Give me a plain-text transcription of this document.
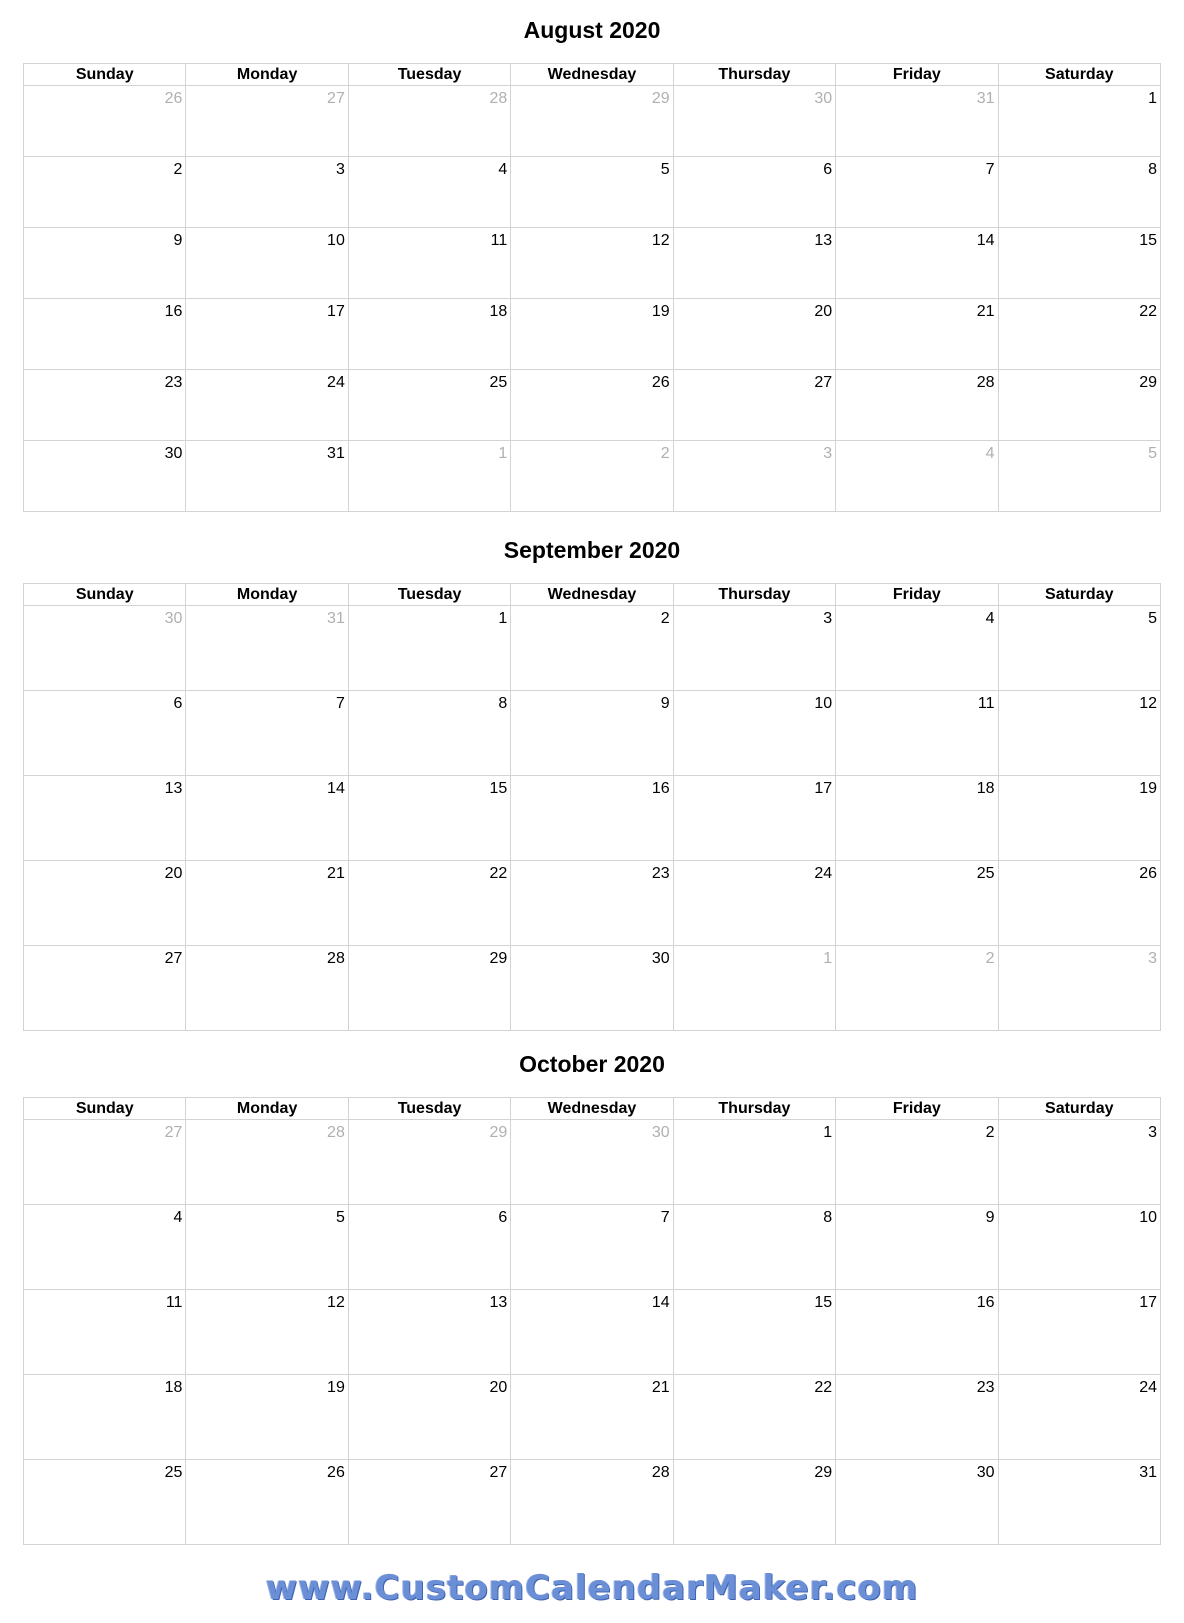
August 2020
Sunday	Monday	Tuesday	Wednesday	Thursday	Friday	Saturday

26	27	28	29	30	31	1

2	3	4	5	6	7	8

9	10	11	12	13	14	15

16	17	18	19	20	21	22

23	24	25	26	27	28	29

30	31	1	2	3	4	5
September 2020
Sunday	Monday	Tuesday	Wednesday	Thursday	Friday	Saturday

30	31	1	2	3	4	5

6	7	8	9	10	11	12

13	14	15	16	17	18	19

20	21	22	23	24	25	26

27	28	29	30	1	2	3
October 2020
Sunday	Monday	Tuesday	Wednesday	Thursday	Friday	Saturday

27	28	29	30	1	2	3

4	5	6	7	8	9	10

11	12	13	14	15	16	17

18	19	20	21	22	23	24

25	26	27	28	29	30	31
www.CustomCalendarMaker.com
